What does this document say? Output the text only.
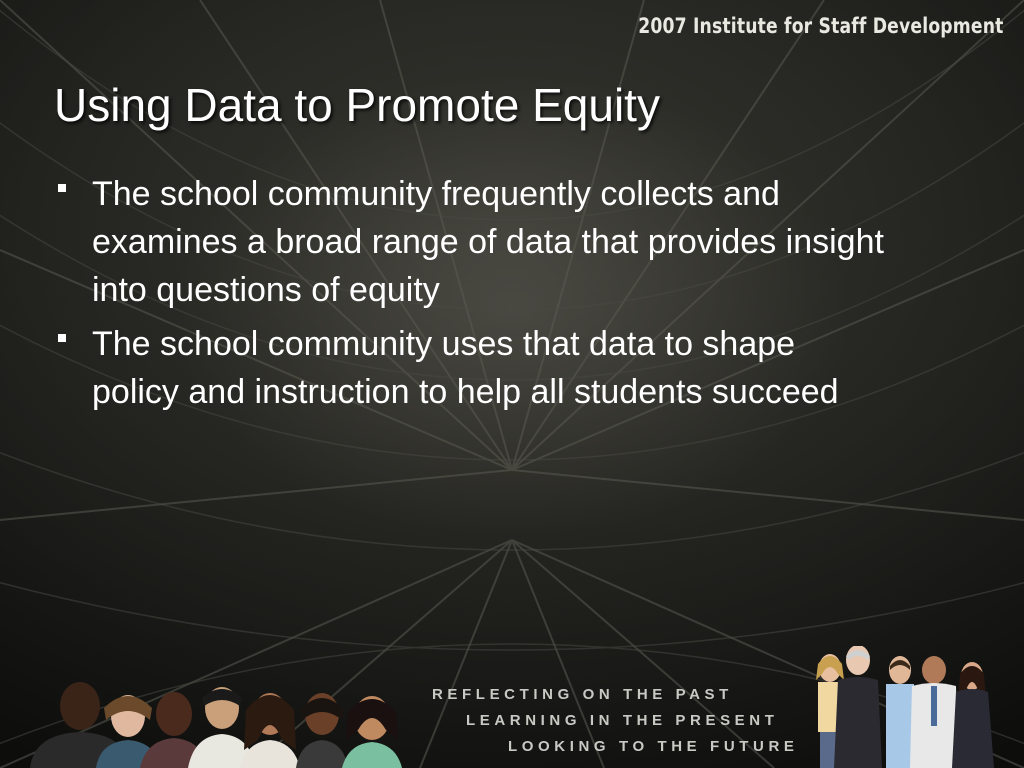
2007 Institute for Staff Development
Using Data to Promote Equity
The school community frequently collects and examines a broad range of data that provides insight into questions of equity
The school community uses that data to shape policy and instruction to help all students succeed
REFLECTING ON THE PAST
LEARNING IN THE PRESENT
LOOKING TO THE FUTURE
